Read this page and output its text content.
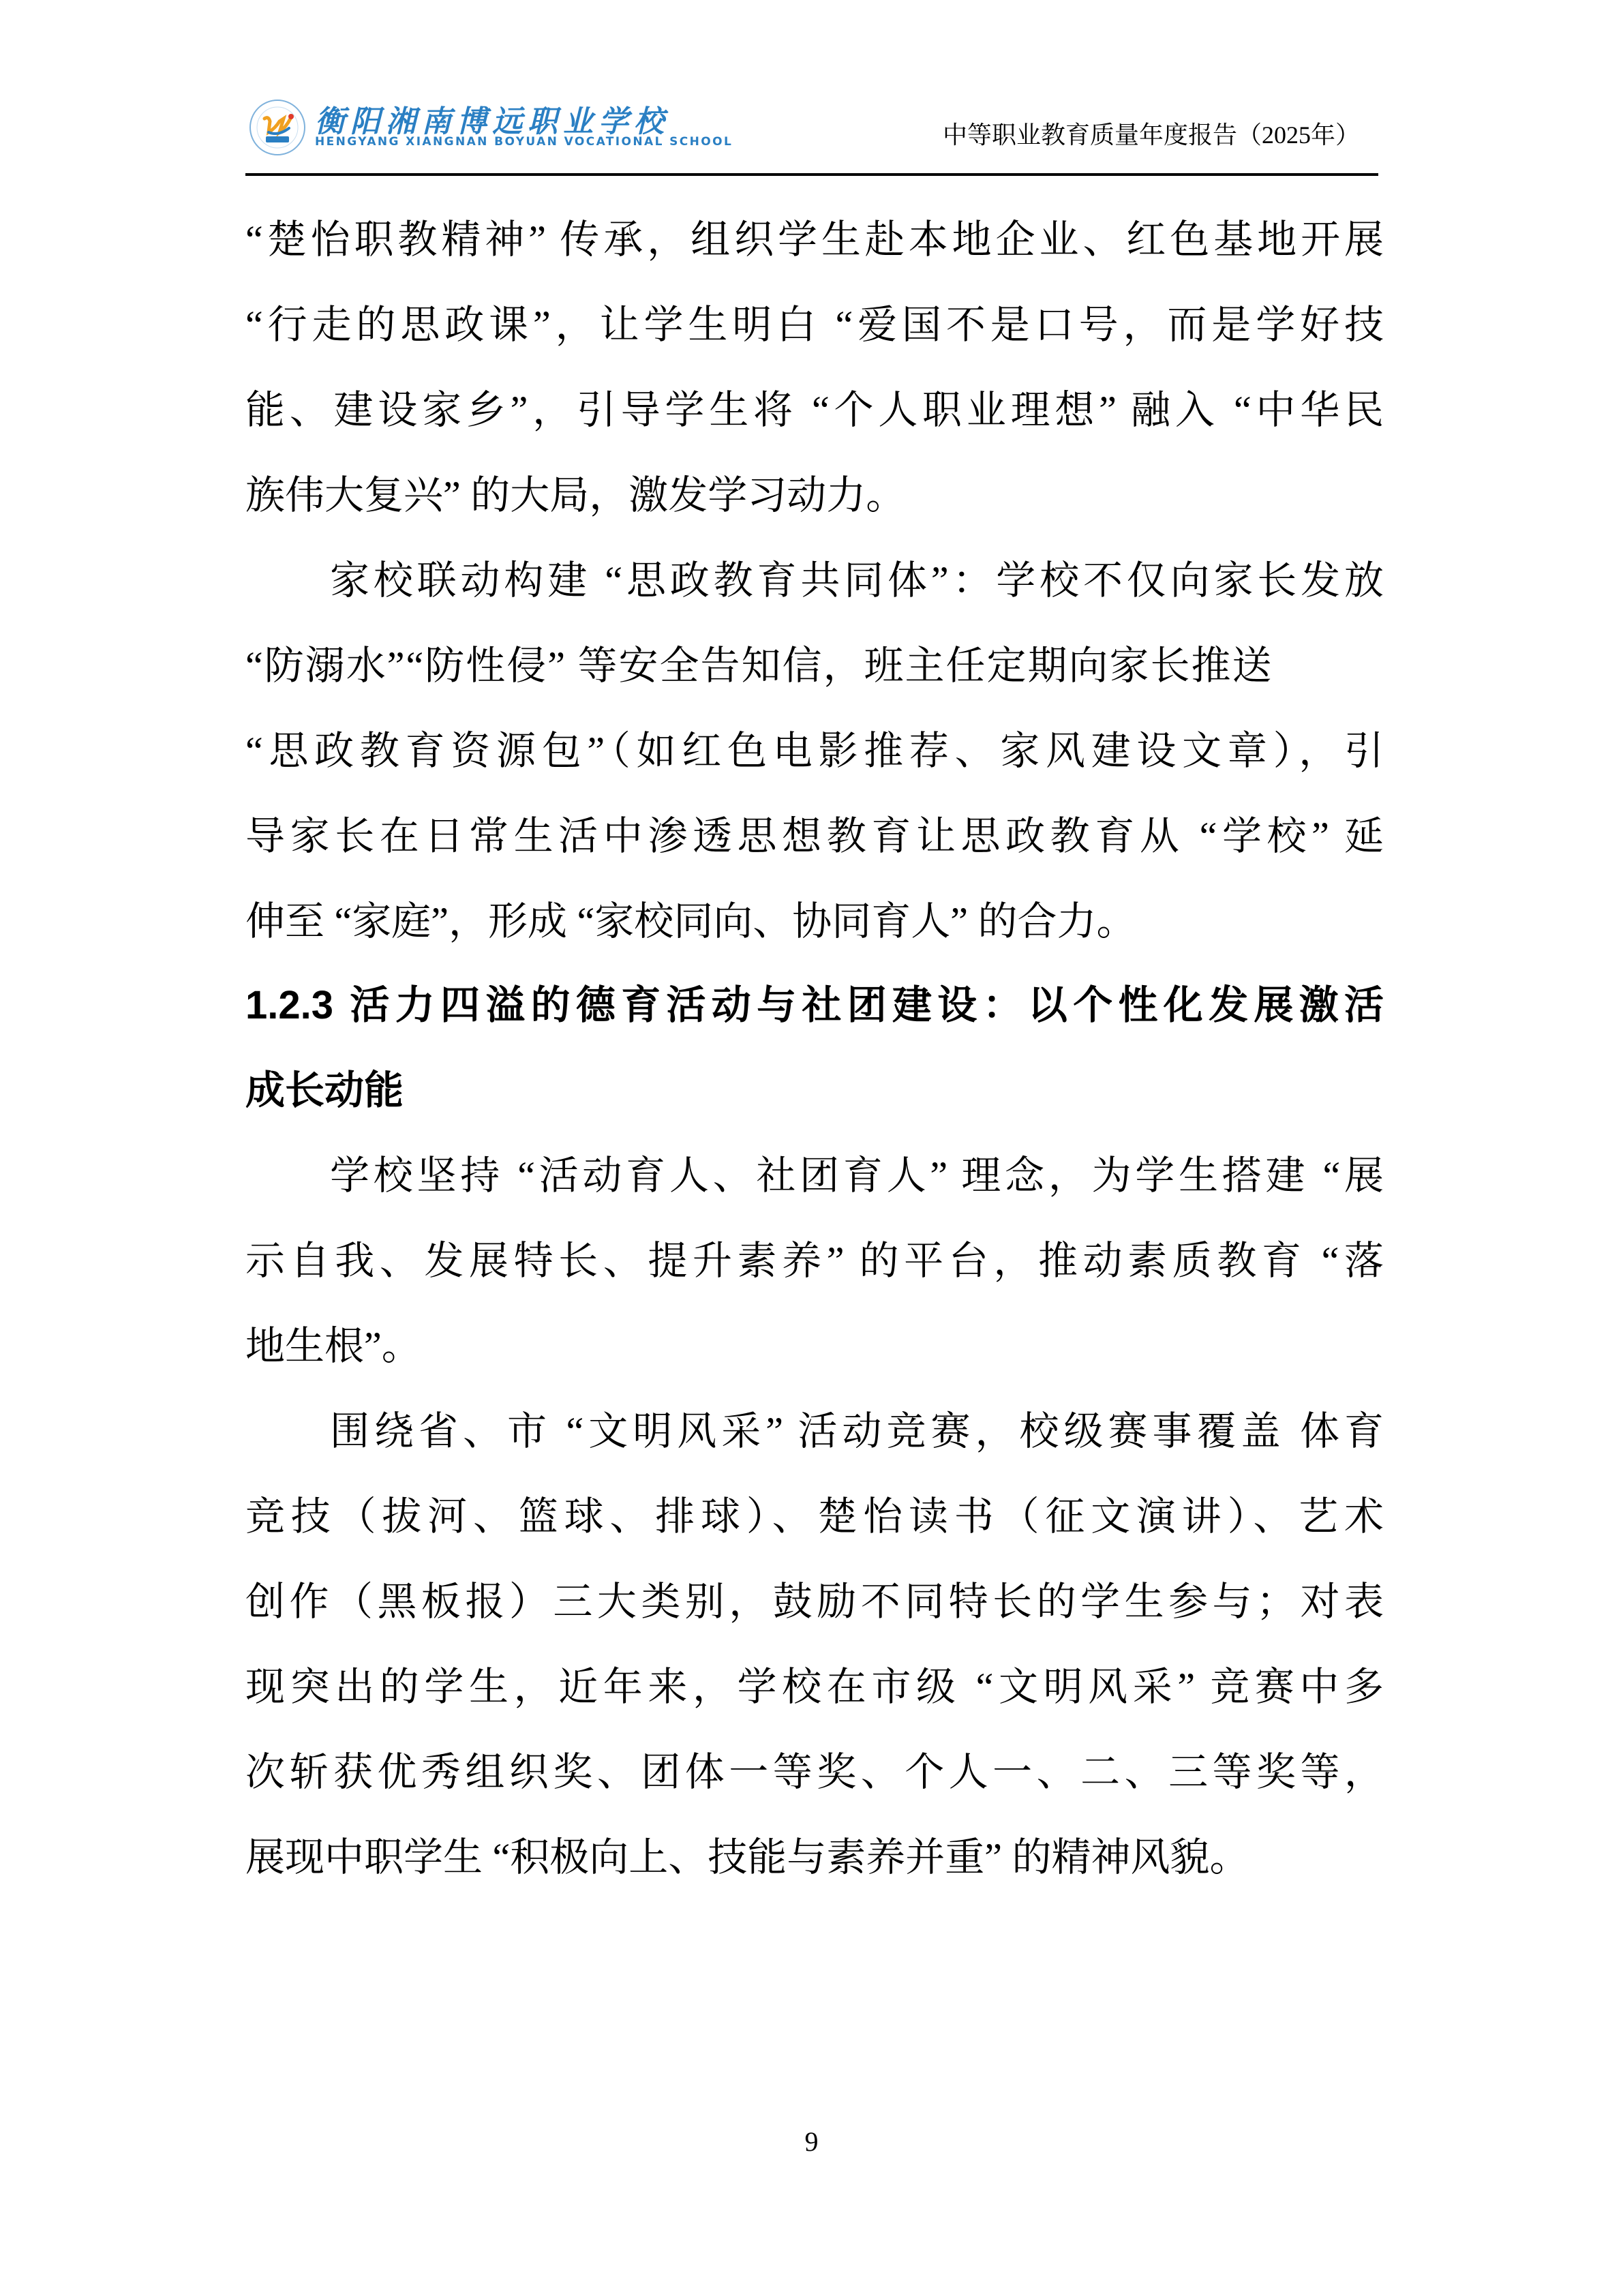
衡阳湘南博远职业学校
HENGYANG XIANGNAN BOYUAN VOCATIONAL SCHOOL	中等职业教育质量年度报告（2025年）
“楚怡职教精神” 传承，组织学生赴本地企业、红色基地开展
“行走的思政课”，让学生明白 “爱国不是口号，而是学好技
能、建设家乡”，引导学生将 “个人职业理想” 融入 “中华民
族伟大复兴” 的大局，激发学习动力。
家校联动构建 “思政教育共同体”：学校不仅向家长发放
“防溺水”“防性侵” 等安全告知信，班主任定期向家长推送
“思政教育资源包”（如红色电影推荐、家风建设文章），引
导家长在日常生活中渗透思想教育让思政教育从 “学校” 延
伸至 “家庭”，形成 “家校同向、协同育人” 的合力。
1.2.3 活力四溢的德育活动与社团建设：以个性化发展激活
成长动能
学校坚持 “活动育人、社团育人” 理念，为学生搭建 “展
示自我、发展特长、提升素养” 的平台，推动素质教育 “落
地生根”。
围绕省、市 “文明风采” 活动竞赛，校级赛事覆盖 体育
竞技（拔河、篮球、排球）、楚怡读书（征文演讲）、艺术
创作（黑板报）三大类别，鼓励不同特长的学生参与；对表
现突出的学生，近年来，学校在市级 “文明风采” 竞赛中多
次斩获优秀组织奖、团体一等奖、个人一、二、三等奖等，
展现中职学生 “积极向上、技能与素养并重” 的精神风貌。
9
